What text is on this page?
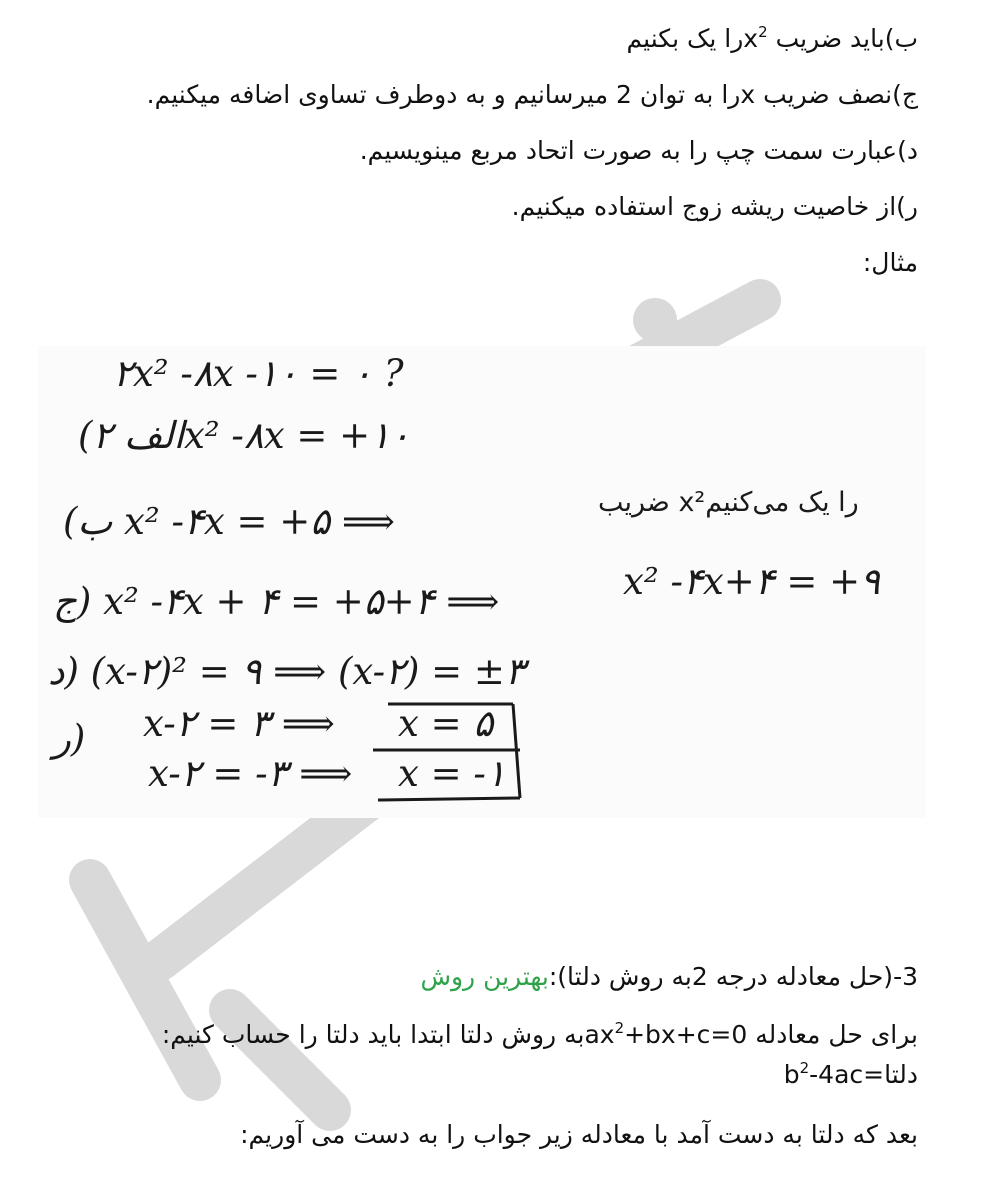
ب)باید ضریب $x^2را$ یک بکنیم
ج)نصف ضریب xرا به توان 2 میرسانیم و به دوطرف تساوی اضافه میکنیم.
د)عبارت سمت چپ را به صورت اتحاد مربع مینویسیم.
ر)از خاصیت ریشه زوج استفاده میکنیم.
مثال:
۲x² -۸x -۱۰ = ۰ ?
(الف ۲x² -۸x = +۱۰
(ب x² -۴x = +۵ ⟹	ضریب x²را یک می‌کنیم
ج) x² -۴x + ۴ = +۵+۴ ⟹	x² -۴x+۴ = +۹
د) (x-۲)² = ۹ ⟹ (x-۲) = ±۳
ر) x-۲ = ۳ ⟹ x = ۵
x-۲ = -۳ ⟹ x = -۱
3-(حل معادله درجه 2به روش دلتا):بهترین روش
برای حل معادله $ax^2+bx+c=0به$ روش دلتا ابتدا باید دلتا را حساب کنیم:
$دلتا=b^2-4ac$
بعد که دلتا به دست آمد با معادله زیر جواب را به دست می آوریم:
